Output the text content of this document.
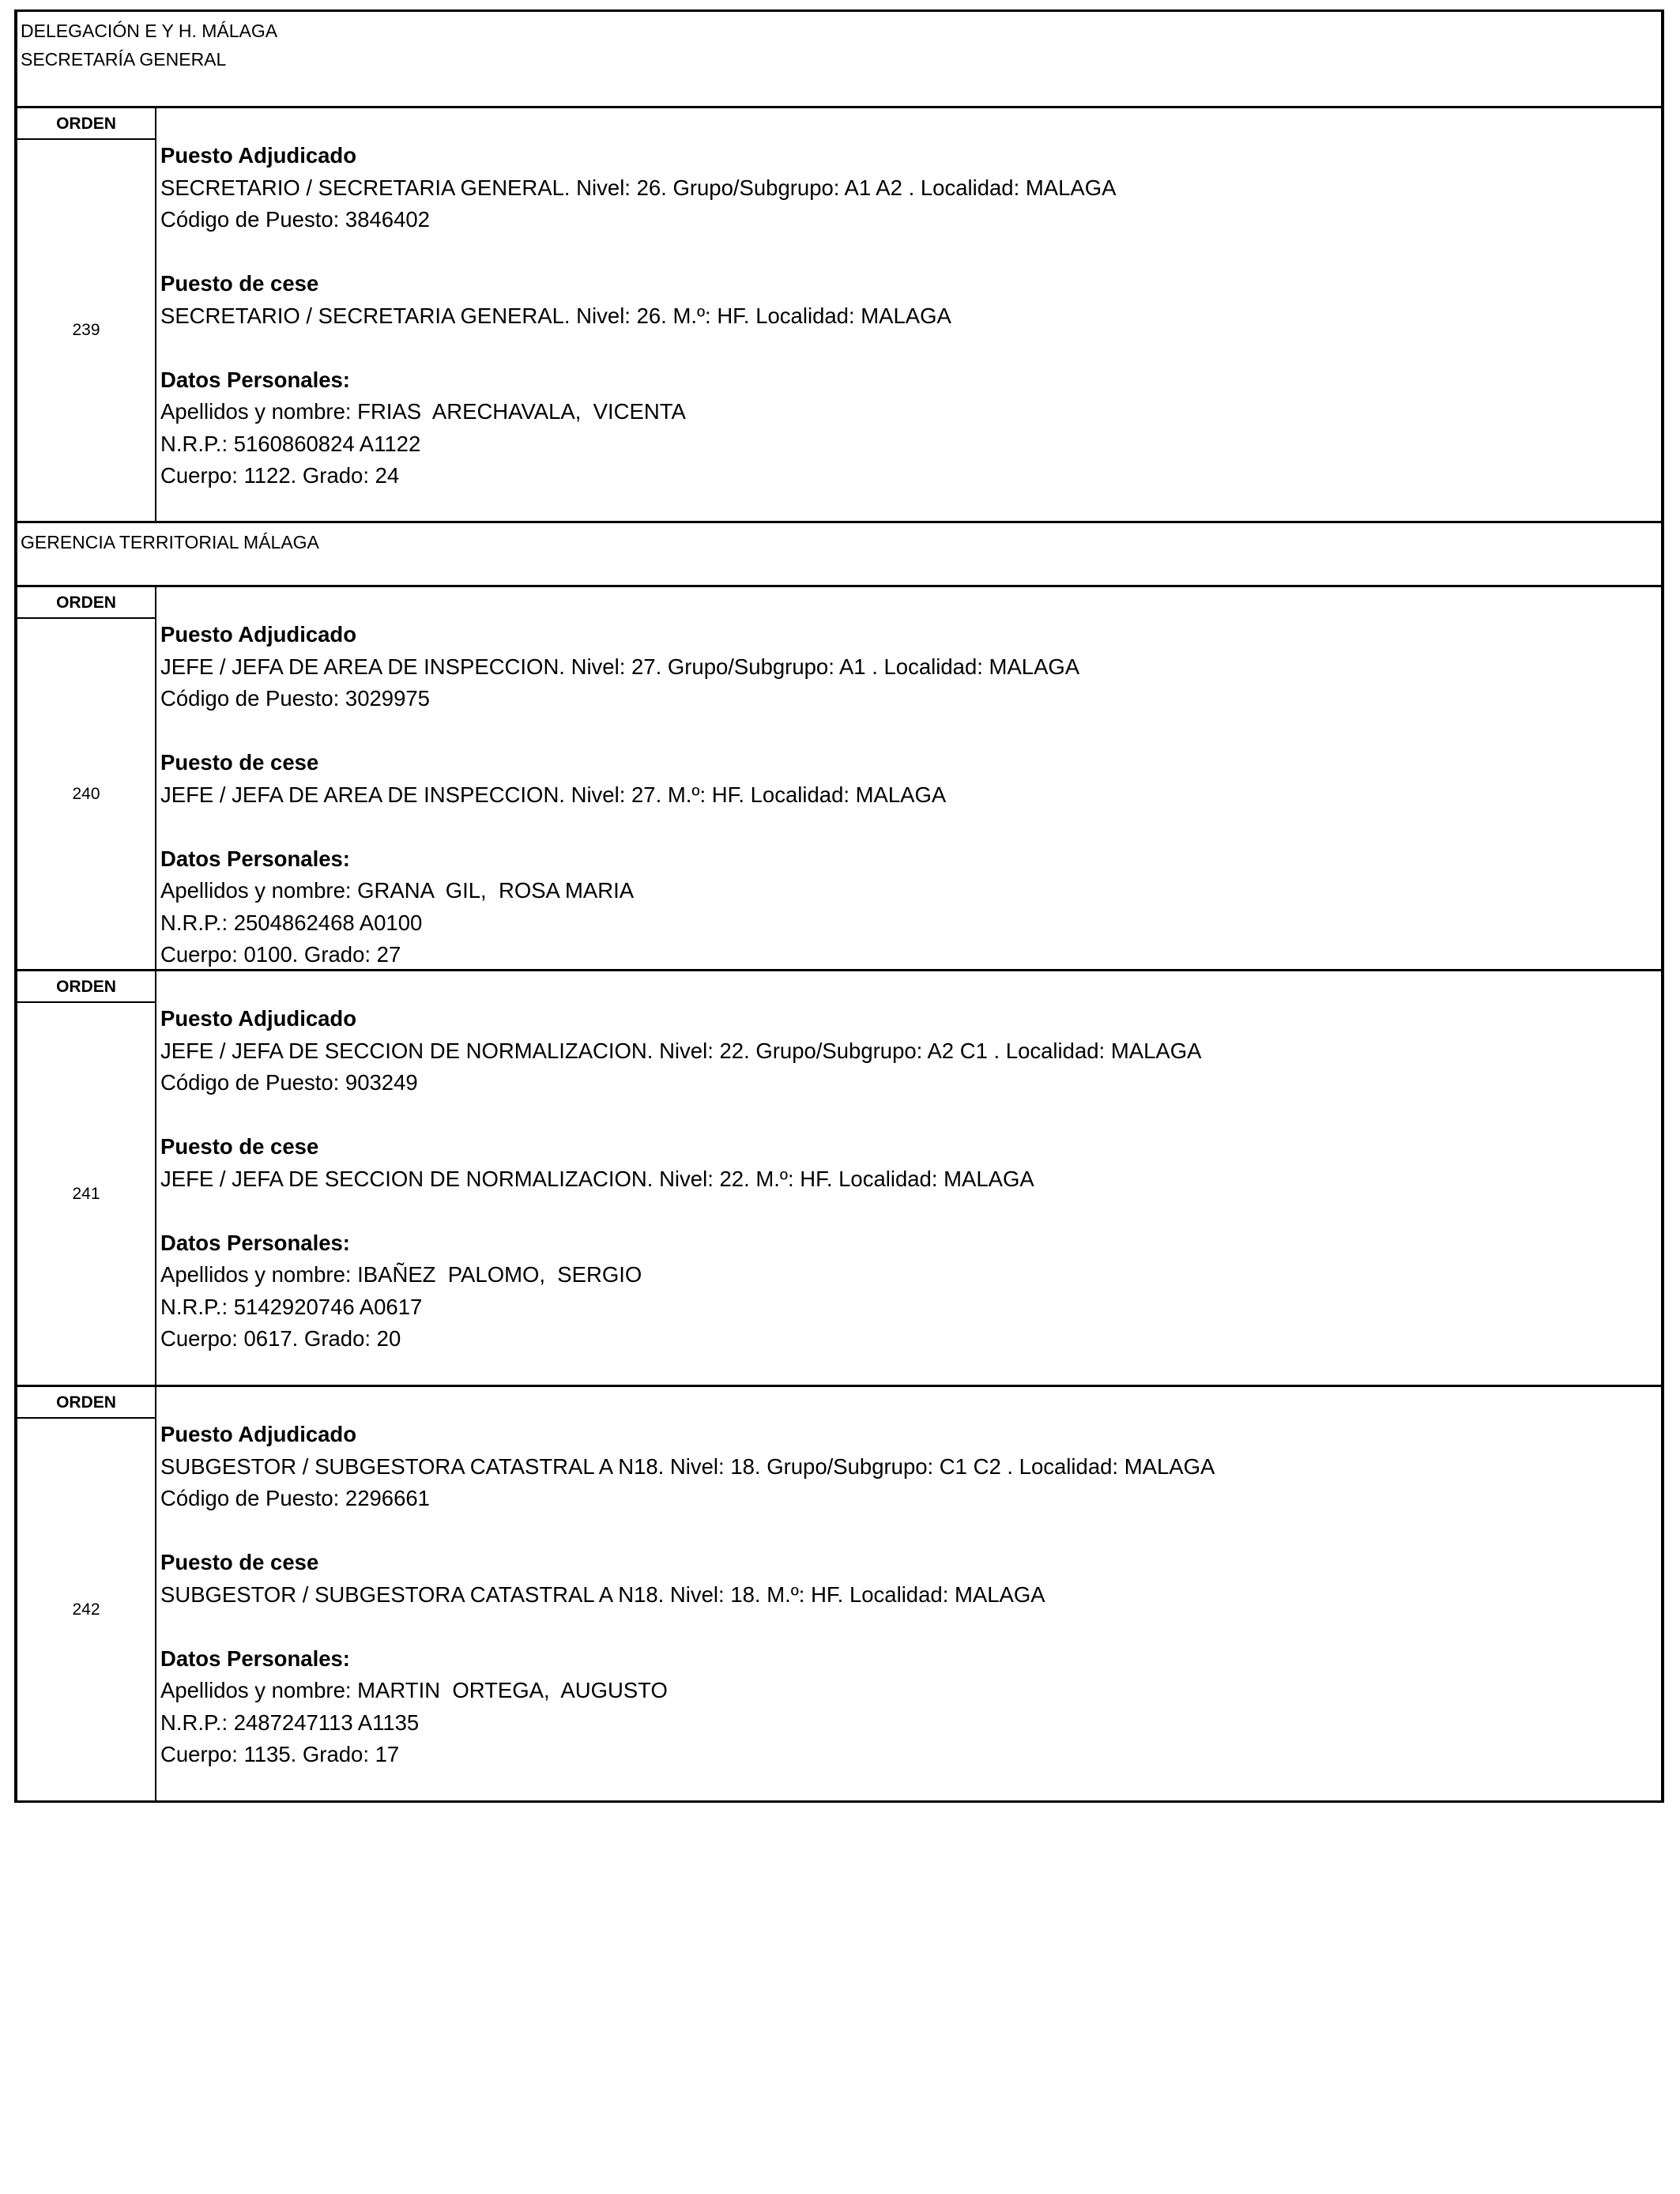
DELEGACIÓN E Y H. MÁLAGA
SECRETARÍA GENERAL
ORDEN
239
Puesto Adjudicado
SECRETARIO / SECRETARIA GENERAL. Nivel: 26. Grupo/Subgrupo: A1 A2 . Localidad: MALAGA
Código de Puesto: 3846402
Puesto de cese
SECRETARIO / SECRETARIA GENERAL. Nivel: 26. M.º: HF. Localidad: MALAGA
Datos Personales:
Apellidos y nombre: FRIAS  ARECHAVALA,  VICENTA
N.R.P.: 5160860824 A1122
Cuerpo: 1122. Grado: 24
GERENCIA TERRITORIAL MÁLAGA
ORDEN
240
Puesto Adjudicado
JEFE / JEFA DE AREA DE INSPECCION. Nivel: 27. Grupo/Subgrupo: A1 . Localidad: MALAGA
Código de Puesto: 3029975
Puesto de cese
JEFE / JEFA DE AREA DE INSPECCION. Nivel: 27. M.º: HF. Localidad: MALAGA
Datos Personales:
Apellidos y nombre: GRANA  GIL,  ROSA MARIA
N.R.P.: 2504862468 A0100
Cuerpo: 0100. Grado: 27
ORDEN
241
Puesto Adjudicado
JEFE / JEFA DE SECCION DE NORMALIZACION. Nivel: 22. Grupo/Subgrupo: A2 C1 . Localidad: MALAGA
Código de Puesto: 903249
Puesto de cese
JEFE / JEFA DE SECCION DE NORMALIZACION. Nivel: 22. M.º: HF. Localidad: MALAGA
Datos Personales:
Apellidos y nombre: IBAÑEZ  PALOMO,  SERGIO
N.R.P.: 5142920746 A0617
Cuerpo: 0617. Grado: 20
ORDEN
242
Puesto Adjudicado
SUBGESTOR / SUBGESTORA CATASTRAL A N18. Nivel: 18. Grupo/Subgrupo: C1 C2 . Localidad: MALAGA
Código de Puesto: 2296661
Puesto de cese
SUBGESTOR / SUBGESTORA CATASTRAL A N18. Nivel: 18. M.º: HF. Localidad: MALAGA
Datos Personales:
Apellidos y nombre: MARTIN  ORTEGA,  AUGUSTO
N.R.P.: 2487247113 A1135
Cuerpo: 1135. Grado: 17
